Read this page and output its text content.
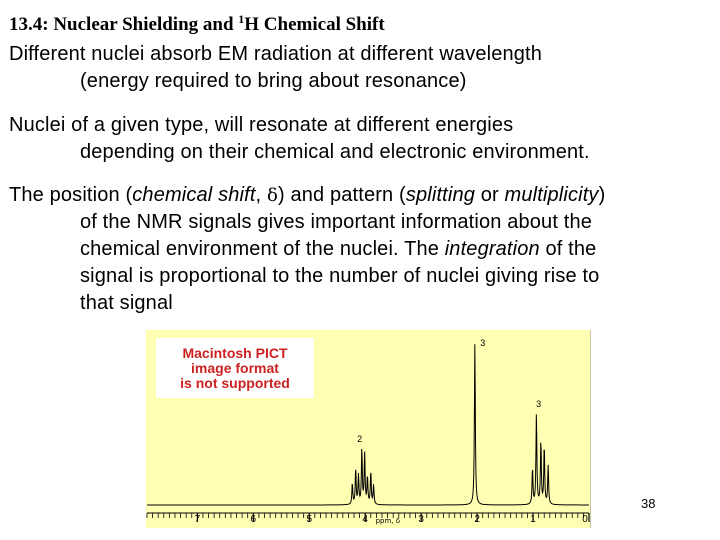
13.4: Nuclear Shielding and $^1$H Chemical Shift

Different nuclei absorb EM radiation at different wavelength
(energy required to bring about resonance)

Nuclei of a given type, will resonate at different energies
depending on their chemical and electronic environment.

The position (chemical shift, δ) and pattern (splitting or multiplicity)
of the NMR signals gives important information about the
chemical environment of the nuclei. The integration of the
signal is proportional to the number of nuclei giving rise to
that signal

Macintosh PICT
image format
is not supported
7	6	5	4	3	2	1	0
ppm, δ
3
3
2
38
